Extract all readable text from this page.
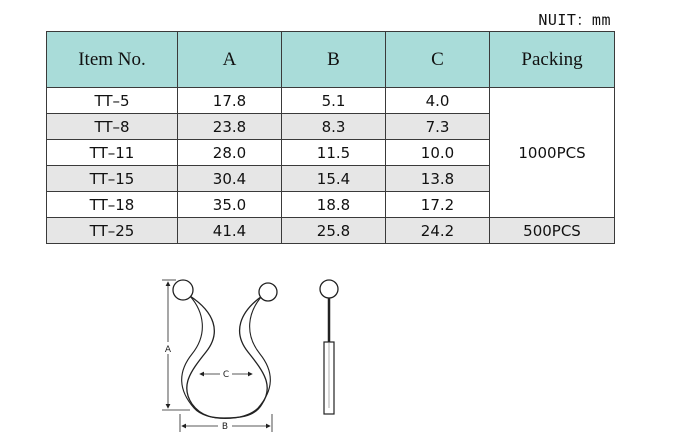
NUIT：mm
Item No.	A	B	C	Packing
TT–5	17.8	5.1	4.0	1000PCS
TT–8	23.8	8.3	7.3	
TT–11	28.0	11.5	10.0	
TT–15	30.4	15.4	13.8	
TT–18	35.0	18.8	17.2	
TT–25	41.4	25.8	24.2	500PCS
A
C
B
